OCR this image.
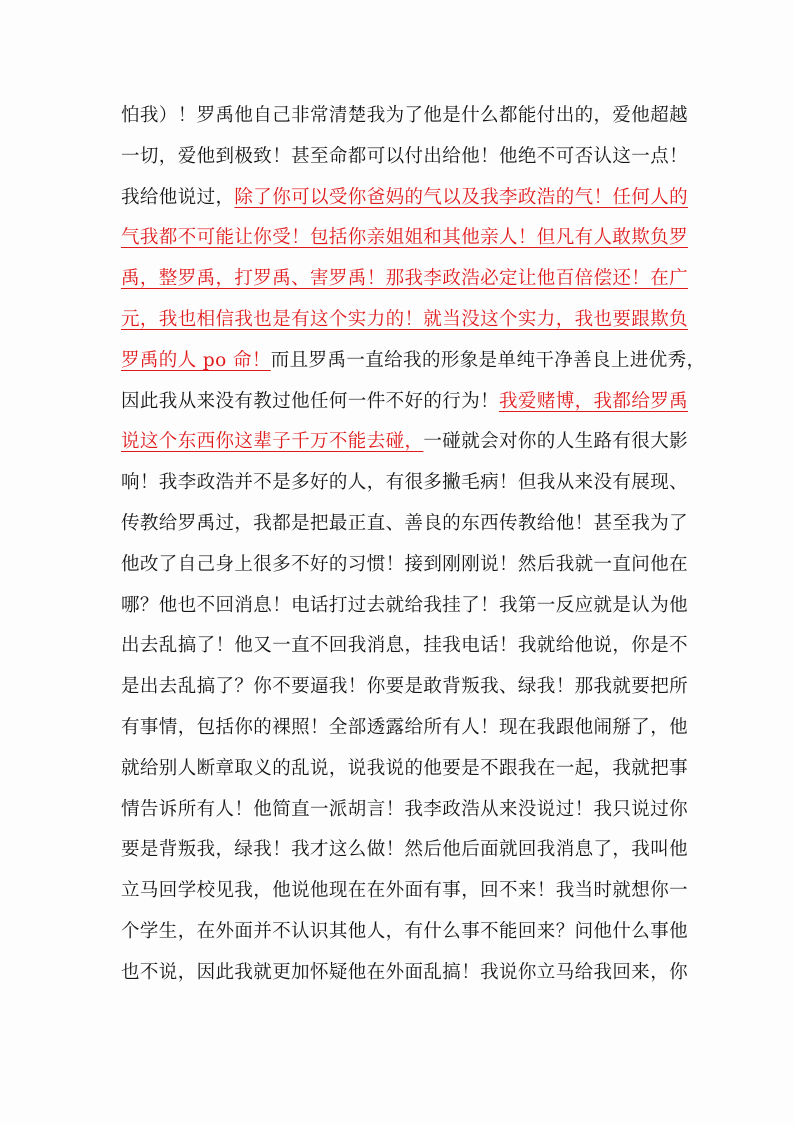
怕我）！罗禹他自己非常清楚我为了他是什么都能付出的，爱他超越
一切，爱他到极致！甚至命都可以付出给他！他绝不可否认这一点！
我给他说过，除了你可以受你爸妈的气以及我李政浩的气！任何人的
气我都不可能让你受！包括你亲姐姐和其他亲人！但凡有人敢欺负罗
禹，整罗禹，打罗禹、害罗禹！那我李政浩必定让他百倍偿还！在广
元，我也相信我也是有这个实力的！就当没这个实力，我也要跟欺负
罗禹的人 po 命！而且罗禹一直给我的形象是单纯干净善良上进优秀，
因此我从来没有教过他任何一件不好的行为！我爱赌博，我都给罗禹
说这个东西你这辈子千万不能去碰，一碰就会对你的人生路有很大影
响！我李政浩并不是多好的人，有很多撇毛病！但我从来没有展现、
传教给罗禹过，我都是把最正直、善良的东西传教给他！甚至我为了
他改了自己身上很多不好的习惯！接到刚刚说！然后我就一直问他在
哪？他也不回消息！电话打过去就给我挂了！我第一反应就是认为他
出去乱搞了！他又一直不回我消息，挂我电话！我就给他说，你是不
是出去乱搞了？你不要逼我！你要是敢背叛我、绿我！那我就要把所
有事情，包括你的裸照！全部透露给所有人！现在我跟他闹掰了，他
就给别人断章取义的乱说，说我说的他要是不跟我在一起，我就把事
情告诉所有人！他简直一派胡言！我李政浩从来没说过！我只说过你
要是背叛我，绿我！我才这么做！然后他后面就回我消息了，我叫他
立马回学校见我，他说他现在在外面有事，回不来！我当时就想你一
个学生，在外面并不认识其他人，有什么事不能回来？问他什么事他
也不说，因此我就更加怀疑他在外面乱搞！我说你立马给我回来，你
